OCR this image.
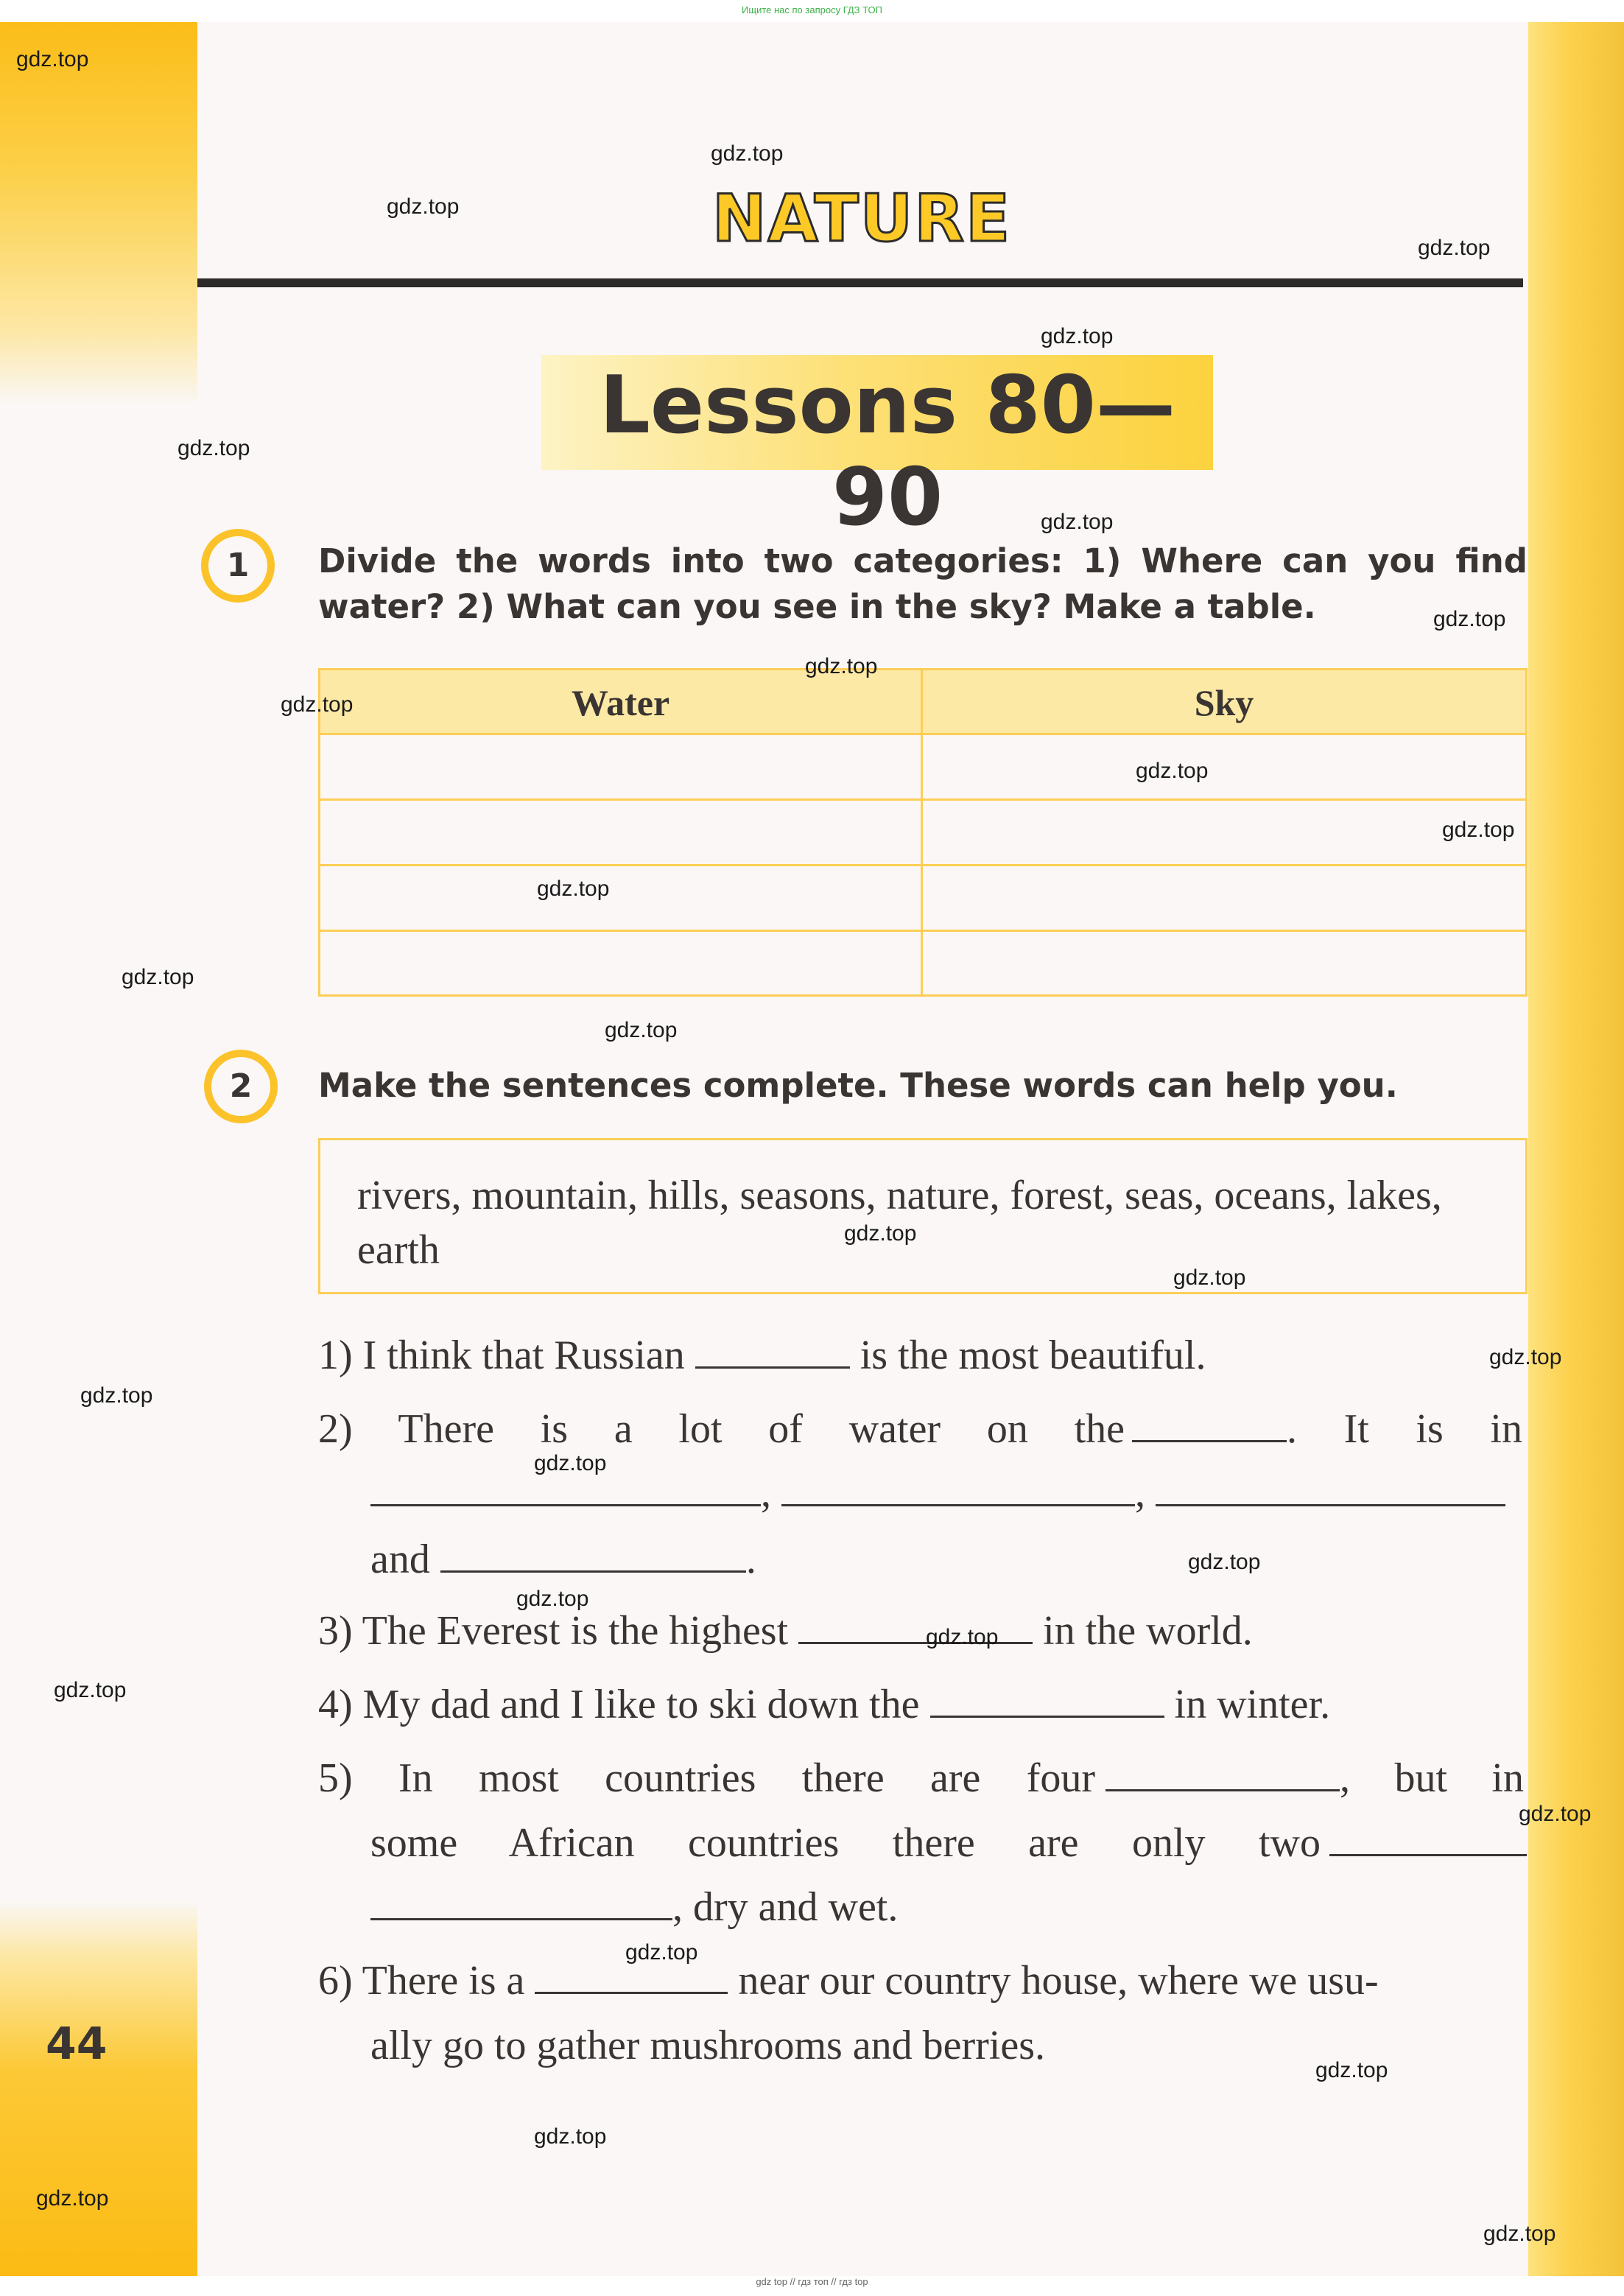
Ищите нас по запросу ГДЗ ТОП
gdz top // гдз топ // гдз top
NATURE
Lessons 80—90
1	Divide the words into two categories: 1) Where can you find
water? 2) What can you see in the sky? Make a table.
Water	Sky
2	Make the sentences complete. These words can help you.
rivers, mountain, hills, seasons, nature, forest, seas, oceans, lakes, earth
1) I think that Russian	is the most beautiful.
2) There is a lot of water on the	. It is in
,	,
and	.
3) The Everest is the highest	in the world.
4) My dad and I like to ski down the	in winter.
5) In most countries there are four	, but in
some African countries there are only two
, dry and wet.
6) There is a	near our country house, where we usu-
ally go to gather mushrooms and berries.
44
gdz.top
gdz.top
gdz.top
gdz.top
gdz.top
gdz.top
gdz.top
gdz.top
gdz.top
gdz.top
gdz.top
gdz.top
gdz.top
gdz.top
gdz.top
gdz.top
gdz.top
gdz.top
gdz.top
gdz.top
gdz.top
gdz.top
gdz.top
gdz.top
gdz.top
gdz.top
gdz.top
gdz.top
gdz.top
gdz.top
